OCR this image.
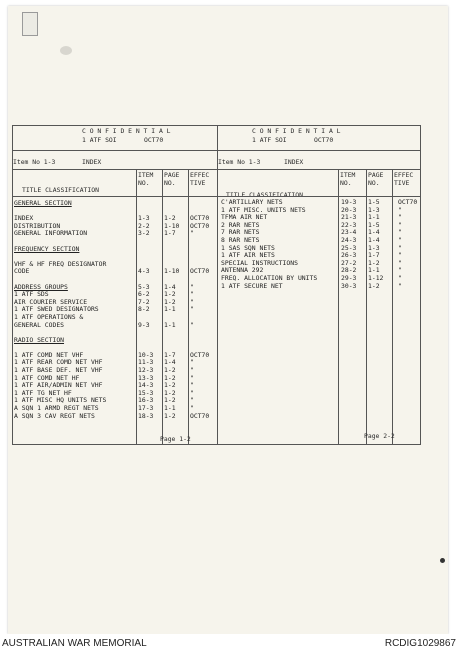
C O N F I D E N T I A L
1 ATF SOI	OCT70
C O N F I D E N T I A L
1 ATF SOI	OCT70
Item No 1-3	INDEX	Item No 1-3	INDEX
TITLE CLASSIFICATION
ITEM
NO.
PAGE
NO.
EFFEC
TIVE
TITLE CLASSIFICATION
ITEM
NO.
PAGE
NO.
EFFEC
TIVE
GENERAL SECTION
INDEX	1-3 1-2 OCT70
DISTRIBUTION	2-2 1-10 OCT70
GENERAL INFORMATION	3-2 1-7 "
FREQUENCY SECTION
VHF & HF FREQ DESIGNATOR
CODE	4-3 1-10 OCT70
ADDRESS GROUPS	5-3 1-4 "
1 ATF SDS	6-2 1-2 "
AIR COURIER SERVICE	7-2 1-2 "
1 ATF SWED DESIGNATORS	8-2 1-1 "
1 ATF OPERATIONS &
GENERAL CODES	9-3 1-1 "
RADIO SECTION
1 ATF COMD NET VHF	10-3 1-7 OCT70
1 ATF REAR COMD NET VHF	11-3 1-4 "
1 ATF BASE DEF. NET VHF	12-3 1-2 "
1 ATF COMD NET HF	13-3 1-2 "
1 ATF AIR/ADMIN NET VHF	14-3 1-2 "
1 ATF TG NET HF	15-3 1-2 "
1 ATF MISC HQ UNITS NETS	16-3 1-2 "
A SQN 1 ARMD REGT NETS	17-3 1-1 "
A SQN 3 CAV REGT NETS	18-3 1-2 OCT70
C'ARTILLARY NETS	19-3 1-5	OCT70
1 ATF MISC. UNITS NETS	20-3 1-3	"
TFMA AIR NET	21-3 1-1	"
2 RAR NETS	22-3 1-5	"
7 RAR NETS	23-4 1-4	"
8 RAR NETS	24-3 1-4	"
1 SAS SQN NETS	25-3 1-3	"
1 ATF AIR NETS	26-3 1-7	"
SPECIAL INSTRUCTIONS	27-2 1-2	"
ANTENNA 292	28-2 1-1	"
FREQ. ALLOCATION BY UNITS	29-3 1-12 "
1 ATF SECURE NET	30-3 1-2	"
Page 1-2	Page 2-2
AUSTRALIAN WAR MEMORIAL	RCDIG1029867
